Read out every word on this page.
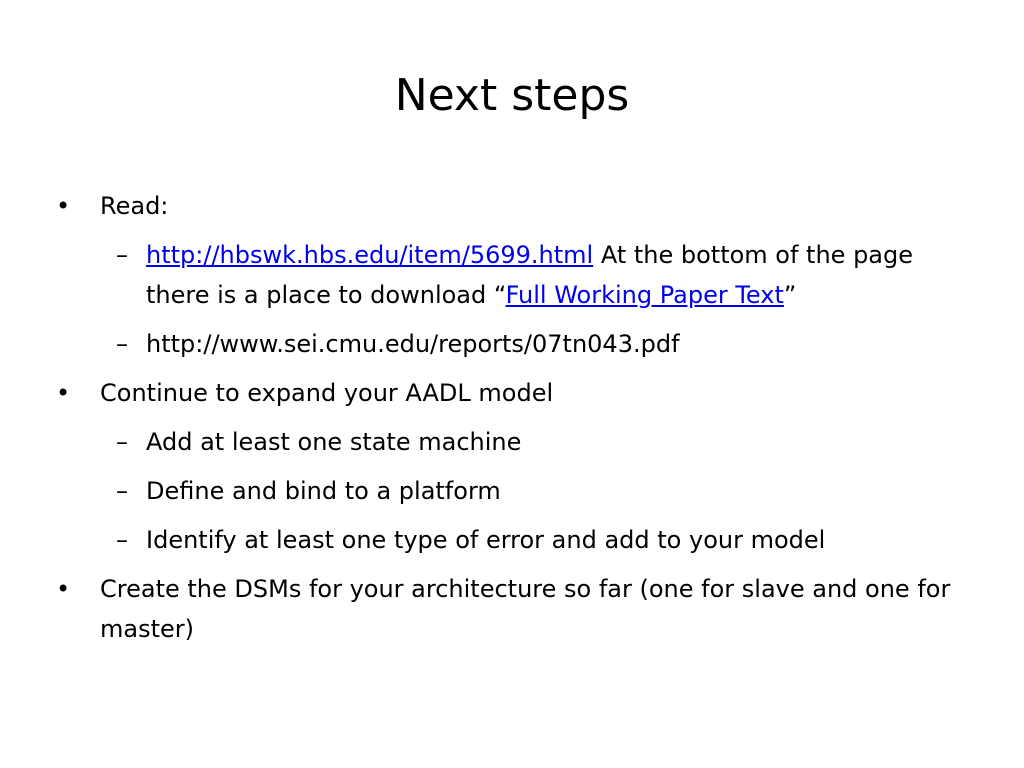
Next steps
•	Read:
– http://hbswk.hbs.edu/item/5699.html At the bottom of the page there is a place to download “Full Working Paper Text”
– http://www.sei.cmu.edu/reports/07tn043.pdf
•	Continue to expand your AADL model
– Add at least one state machine
– Define and bind to a platform
– Identify at least one type of error and add to your model
•	Create the DSMs for your architecture so far (one for slave and one for master)
